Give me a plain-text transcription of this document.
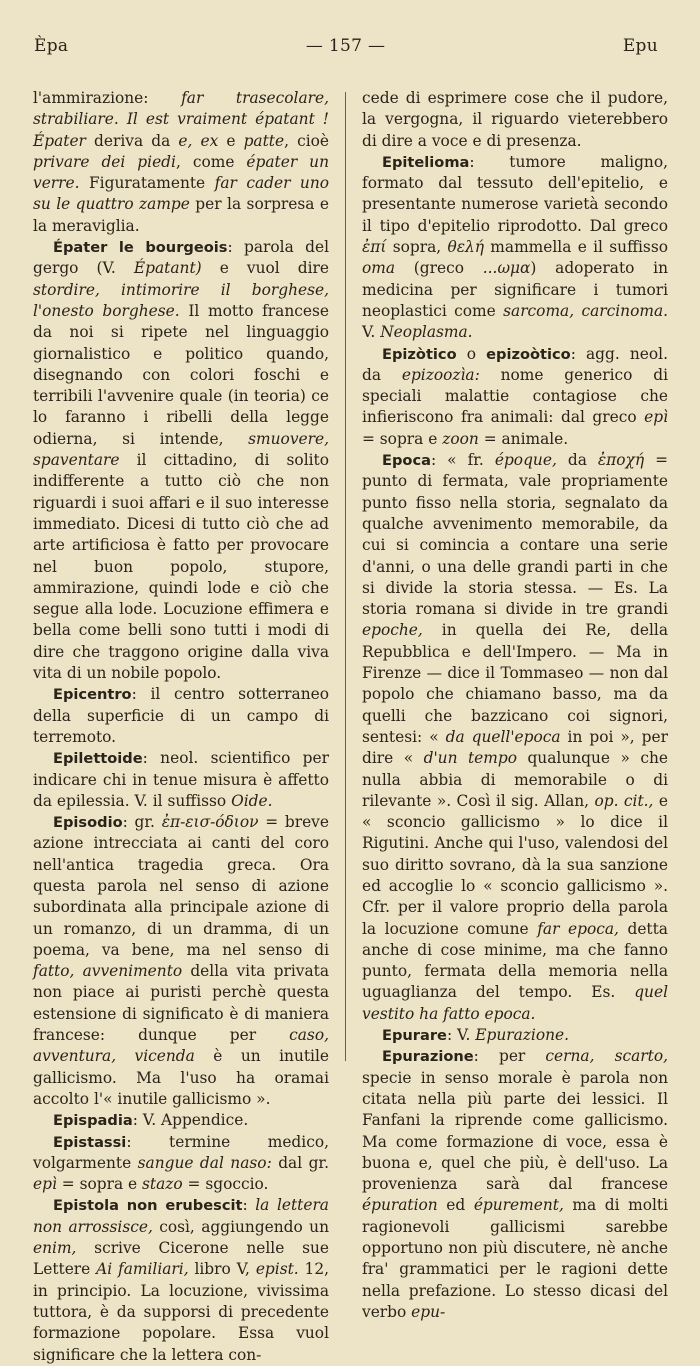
Èpa	— 157 —	Epu

l'ammirazione: far trasecolare, strabiliare. Il est vraiment épatant ! Épater deriva da e, ex e patte, cioè privare dei piedi, come épater un verre. Figuratamente far cader uno su le quattro zampe per la sorpresa e la meraviglia.

Épater le bourgeois: parola del gergo (V. Épatant) e vuol dire stordire, intimorire il borghese, l'onesto borghese. Il motto francese da noi si ripete nel linguaggio giornalistico e politico quando, disegnando con colori foschi e terribili l'avvenire quale (in teoria) ce lo faranno i ribelli della legge odierna, si intende, smuovere, spaventare il cittadino, di solito indifferente a tutto ciò che non riguardi i suoi affari e il suo interesse immediato. Dicesi di tutto ciò che ad arte artificiosa è fatto per provocare nel buon popolo, stupore, ammirazione, quindi lode e ciò che segue alla lode. Locuzione effimera e bella come belli sono tutti i modi di dire che traggono origine dalla viva vita di un nobile popolo.

Epicentro: il centro sotterraneo della superficie di un campo di terremoto.

Epilettoide: neol. scientifico per indicare chi in tenue misura è affetto da epilessia. V. il suffisso Oide.

Episodio: gr. ἐπ-εισ-όδιον = breve azione intrecciata ai canti del coro nell'antica tragedia greca. Ora questa parola nel senso di azione subordinata alla principale azione di un romanzo, di un dramma, di un poema, va bene, ma nel senso di fatto, avvenimento della vita privata non piace ai puristi perchè questa estensione di significato è di maniera francese: dunque per caso, avventura, vicenda è un inutile gallicismo. Ma l'uso ha oramai accolto l'« inutile gallicismo ».

Epispadia: V. Appendice.

Epistassi: termine medico, volgarmente sangue dal naso: dal gr. epì = sopra e stazo = sgoccio.

Epistola non erubescit: la lettera non arrossisce, così, aggiungendo un enim, scrive Cicerone nelle sue Lettere Ai familiari, libro V, epist. 12, in principio. La locuzione, vivissima tuttora, è da supporsi di precedente formazione popolare. Essa vuol significare che la lettera con-

cede di esprimere cose che il pudore, la vergogna, il riguardo vieterebbero di dire a voce e di presenza.

Epitelioma: tumore maligno, formato dal tessuto dell'epitelio, e presentante numerose varietà secondo il tipo d'epitelio riprodotto. Dal greco ἐπί sopra, θελή mammella e il suffisso oma (greco ...ωμα) adoperato in medicina per significare i tumori neoplastici come sarcoma, carcinoma. V. Neoplasma.

Epizòtico o epizoòtico: agg. neol. da epizoozìa: nome generico di speciali malattie contagiose che infieriscono fra animali: dal greco epì = sopra e zoon = animale.

Epoca: « fr. époque, da ἐποχή = punto di fermata, vale propriamente punto fisso nella storia, segnalato da qualche avvenimento memorabile, da cui si comincia a contare una serie d'anni, o una delle grandi parti in che si divide la storia stessa. — Es. La storia romana si divide in tre grandi epoche, in quella dei Re, della Repubblica e dell'Impero. — Ma in Firenze — dice il Tommaseo — non dal popolo che chiamano basso, ma da quelli che bazzicano coi signori, sentesi: « da quell'epoca in poi », per dire « d'un tempo qualunque » che nulla abbia di memorabile o di rilevante ». Così il sig. Allan, op. cit., e « sconcio gallicismo » lo dice il Rigutini. Anche qui l'uso, valendosi del suo diritto sovrano, dà la sua sanzione ed accoglie lo « sconcio gallicismo ». Cfr. per il valore proprio della parola la locuzione comune far epoca, detta anche di cose minime, ma che fanno punto, fermata della memoria nella uguaglianza del tempo. Es. quel vestito ha fatto epoca.

Epurare: V. Epurazione.

Epurazione: per cerna, scarto, specie in senso morale è parola non citata nella più parte dei lessici. Il Fanfani la riprende come gallicismo. Ma come formazione di voce, essa è buona e, quel che più, è dell'uso. La provenienza sarà dal francese épuration ed épurement, ma di molti ragionevoli gallicismi sarebbe opportuno non più discutere, nè anche fra' grammatici per le ragioni dette nella prefazione. Lo stesso dicasi del verbo epu-
